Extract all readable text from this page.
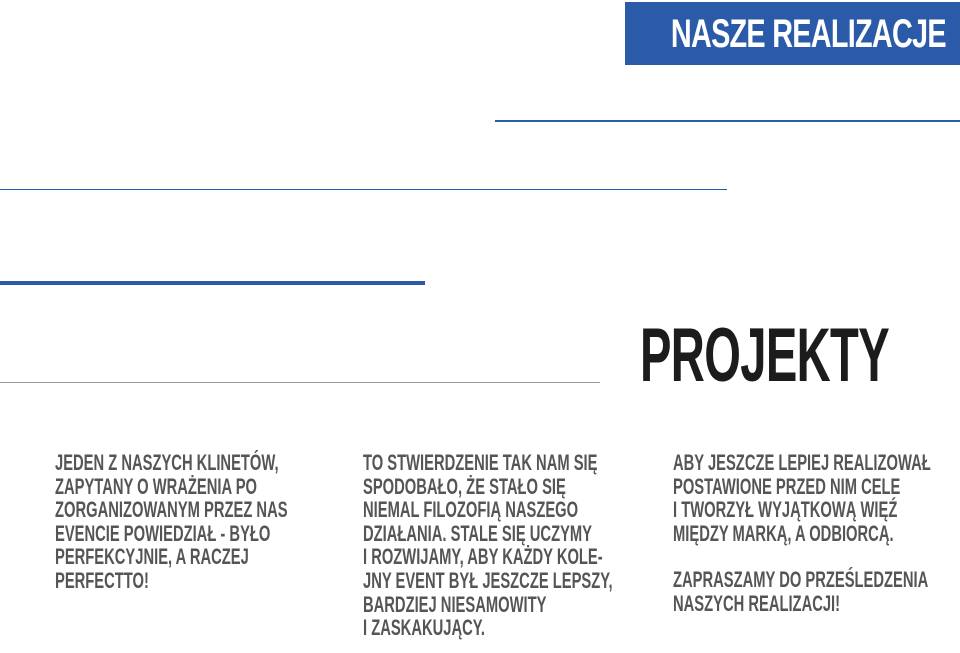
NASZE REALIZACJE
PROJEKTY

JEDEN Z NASZYCH KLINETÓW,

ZAPYTANY O WRAŻENIA PO

ZORGANIZOWANYM PRZEZ NAS

EVENCIE POWIEDZIAŁ - BYŁO

PERFEKCYJNIE, A RACZEJ

PERFECTTO!

TO STWIERDZENIE TAK NAM SIĘ

SPODOBAŁO, ŻE STAŁO SIĘ

NIEMAL FILOZOFIĄ NASZEGO

DZIAŁANIA. STALE SIĘ UCZYMY

I ROZWIJAMY, ABY KAŻDY KOLE-

JNY EVENT BYŁ JESZCZE LEPSZY,

BARDZIEJ NIESAMOWITY

I ZASKAKUJĄCY.

ABY JESZCZE LEPIEJ REALIZOWAŁ

POSTAWIONE PRZED NIM CELE

I TWORZYŁ WYJĄTKOWĄ WIĘŹ

MIĘDZY MARKĄ, A ODBIORCĄ.

ZAPRASZAMY DO PRZEŚLEDZENIA

NASZYCH REALIZACJI!
